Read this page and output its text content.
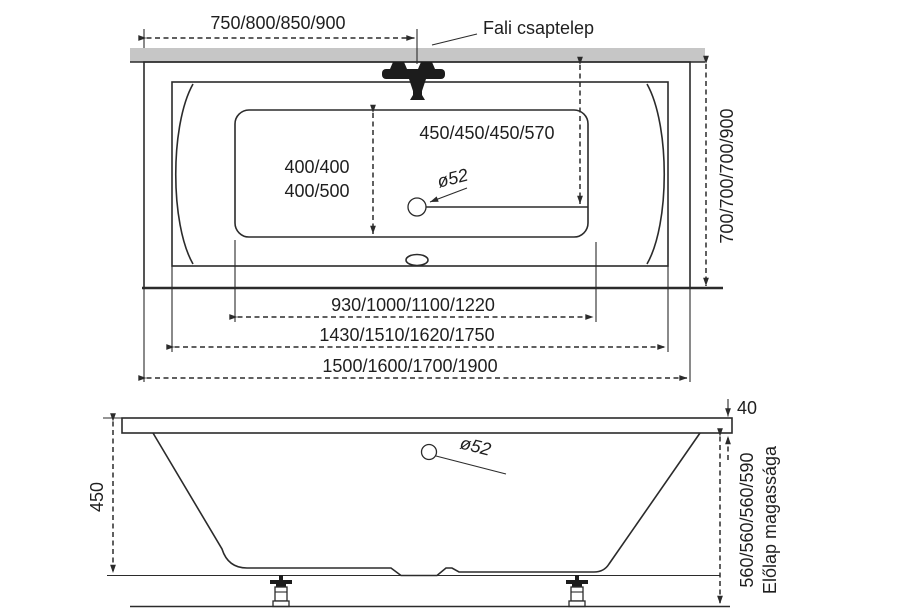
ø52
Fali csaptelep
750/800/850/900
400/400
400/500
450/450/450/570	700/700/700/900
930/1000/1100/1220
1430/1510/1620/1750
1500/1600/1700/1900
ø52
450
40
560/560/560/590 Előlap magassága
